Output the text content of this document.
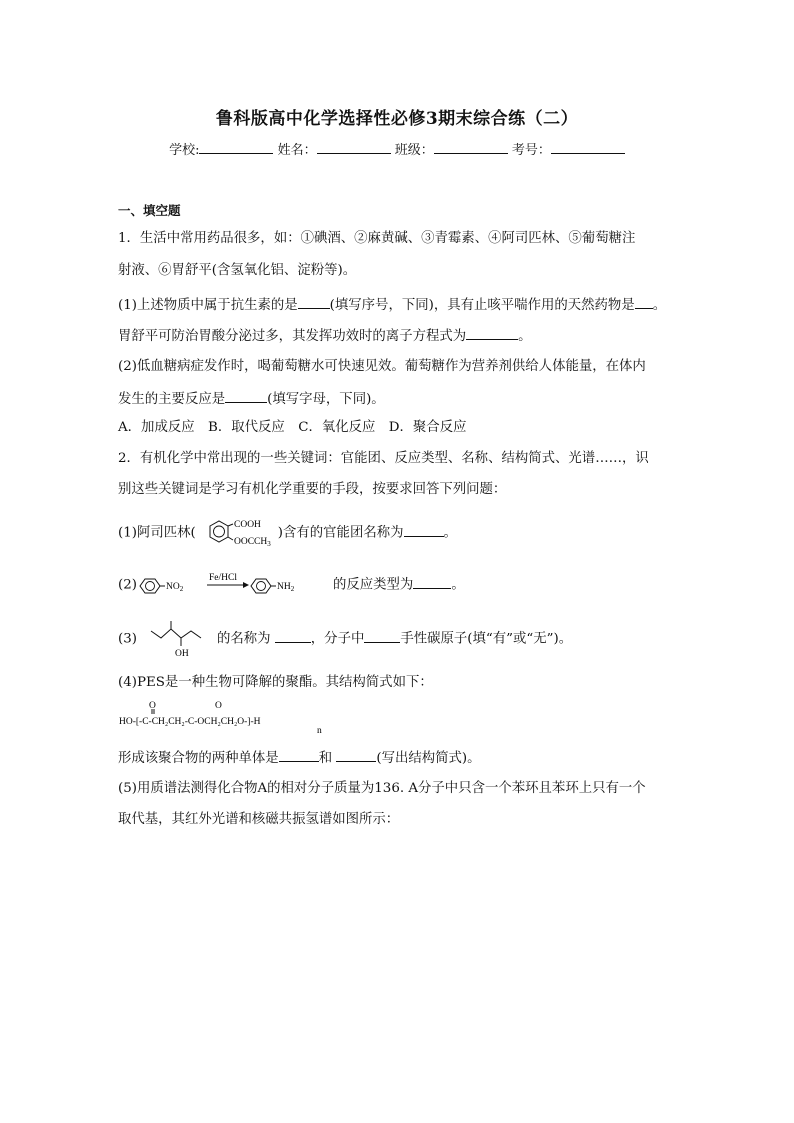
鲁科版高中化学选择性必修3期末综合练（二）
学校:	姓名：	班级：	考号：
一、填空题
1．生活中常用药品很多，如：①碘酒、②麻黄碱、③青霉素、④阿司匹林、⑤葡萄糖注
射液、⑥胃舒平(含氢氧化铝、淀粉等)。
(1)上述物质中属于抗生素的是 (填写序号，下同)，具有止咳平喘作用的天然药物是 。
胃舒平可防治胃酸分泌过多，其发挥功效时的离子方程式为	。
(2)低血糖病症发作时，喝葡萄糖水可快速见效。葡萄糖作为营养剂供给人体能量，在体内
发生的主要反应是	(填写字母，下同)。
A．加成反应　B．取代反应　C．氧化反应　D．聚合反应
2．有机化学中常出现的一些关键词：官能团、反应类型、名称、结构简式、光谱……，识
别这些关键词是学习有机化学重要的手段，按要求回答下列问题：
(1)阿司匹林(
COOH
$OOCCH_3$
)含有的官能团名称为	。
(2)	$NO_2$
Fe/HCl
$NH_2$	的反应类型为	。
(3)
OH
的名称为	，分子中	手性碳原子(填“有”或“无”)。
(4)PES是一种生物可降解的聚酯。其结构简式如下：
HO‑[‑C‑CH₂CH₂‑C‑OCH₂CH₂O‑]‑H
O	O
n
形成该聚合物的两种单体是	和	(写出结构简式)。
(5)用质谱法测得化合物A的相对分子质量为136. A分子中只含一个苯环且苯环上只有一个
取代基，其红外光谱和核磁共振氢谱如图所示：
